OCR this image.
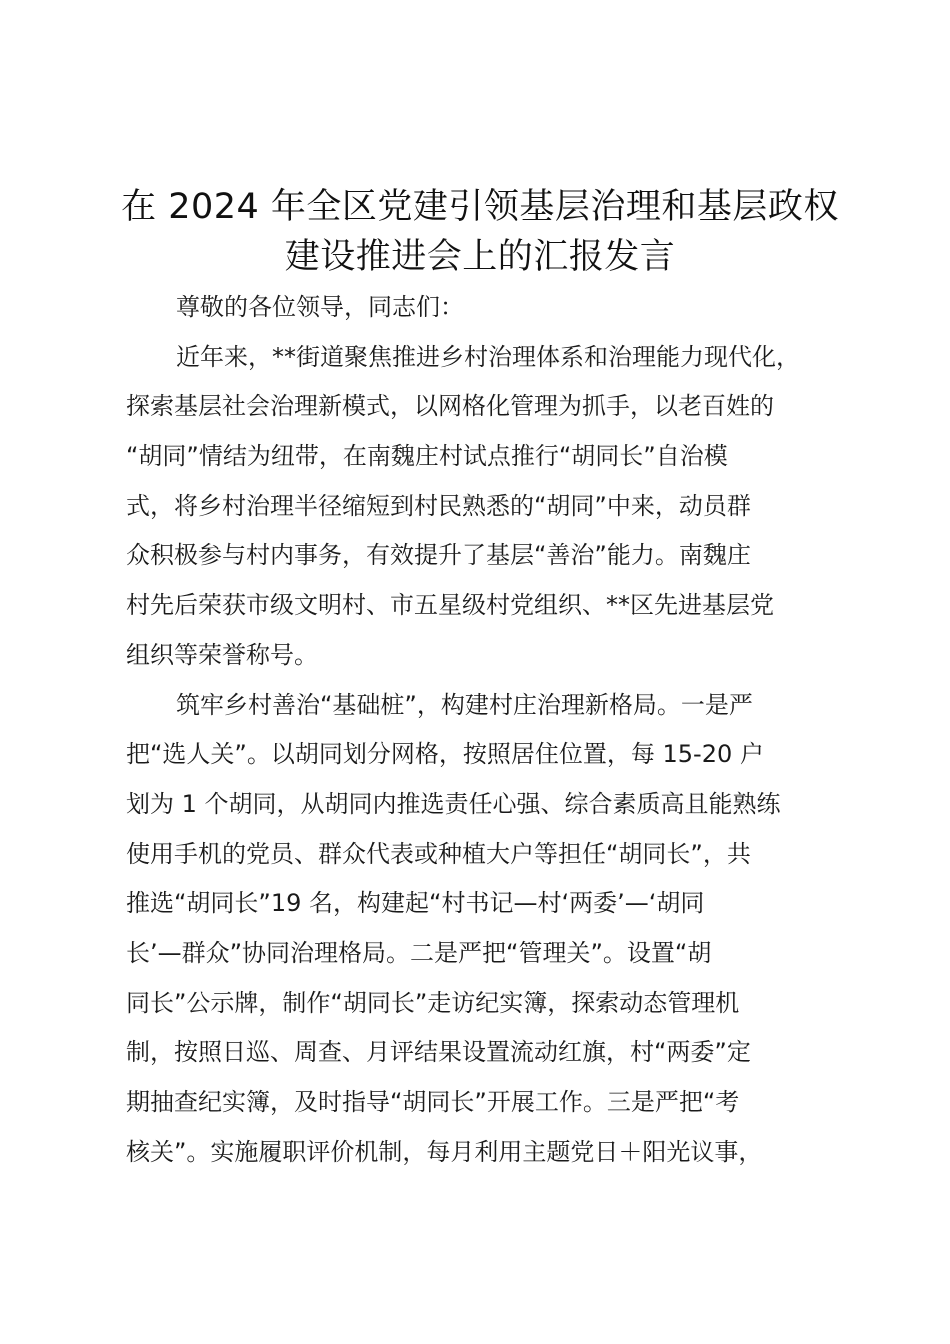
在 2024 年全区党建引领基层治理和基层政权
建设推进会上的汇报发言
尊敬的各位领导，同志们：
近年来，**街道聚焦推进乡村治理体系和治理能力现代化，
探索基层社会治理新模式，以网格化管理为抓手，以老百姓的
“胡同”情结为纽带，在南魏庄村试点推行“胡同长”自治模
式，将乡村治理半径缩短到村民熟悉的“胡同”中来，动员群
众积极参与村内事务，有效提升了基层“善治”能力。南魏庄
村先后荣获市级文明村、市五星级村党组织、**区先进基层党
组织等荣誉称号。
筑牢乡村善治“基础桩”，构建村庄治理新格局。一是严
把“选人关”。以胡同划分网格，按照居住位置，每 15-20 户
划为 1 个胡同，从胡同内推选责任心强、综合素质高且能熟练
使用手机的党员、群众代表或种植大户等担任“胡同长”，共
推选“胡同长”19 名，构建起“村书记—村‘两委’—‘胡同
长’—群众”协同治理格局。二是严把“管理关”。设置“胡
同长”公示牌，制作“胡同长”走访纪实簿，探索动态管理机
制，按照日巡、周查、月评结果设置流动红旗，村“两委”定
期抽查纪实簿，及时指导“胡同长”开展工作。三是严把“考
核关”。实施履职评价机制，每月利用主题党日＋阳光议事，
